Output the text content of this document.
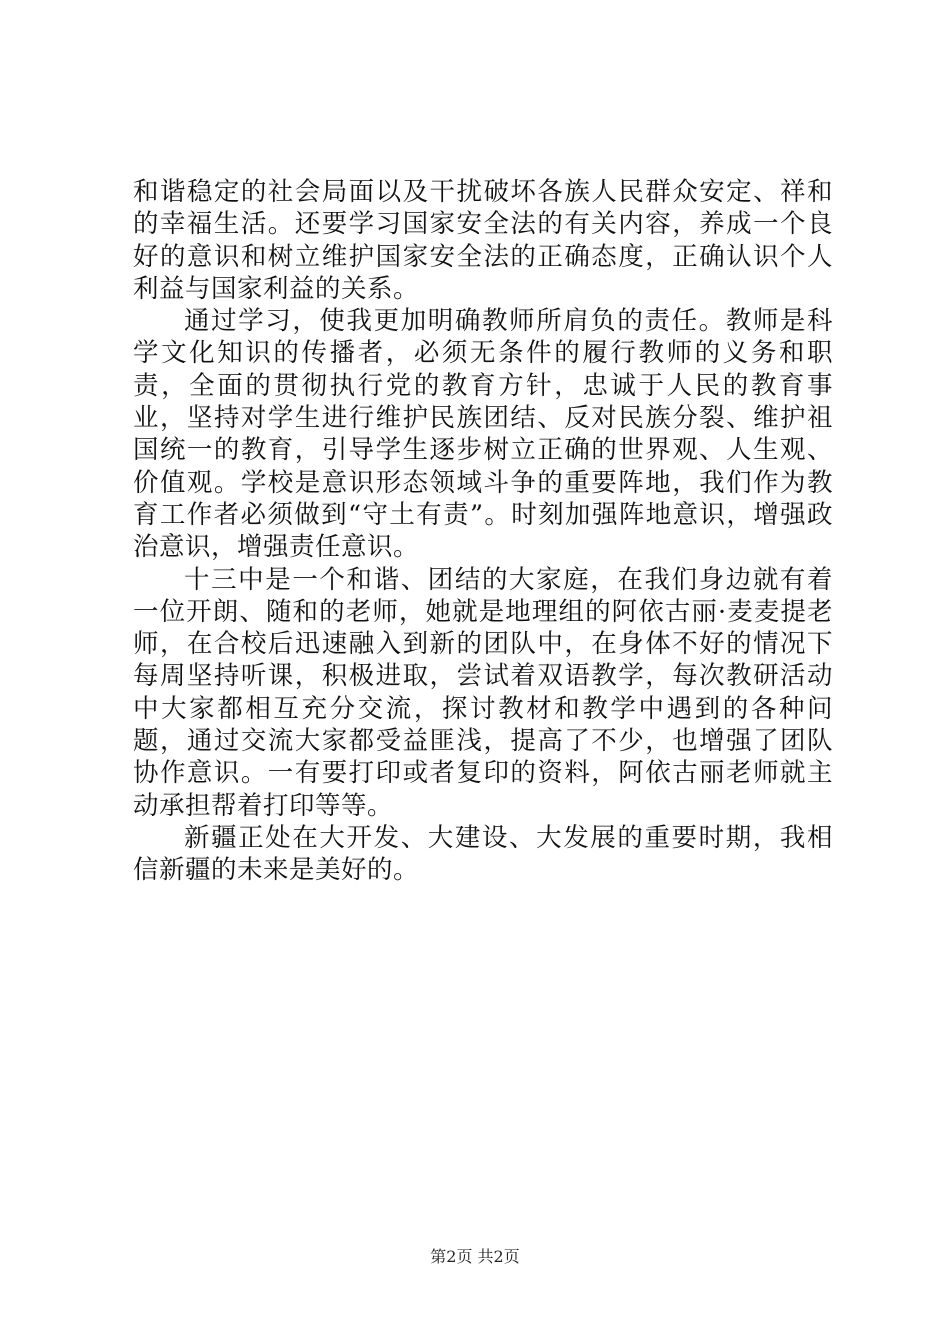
和谐稳定的社会局面以及干扰破坏各族人民群众安定、祥和的幸福生活。还要学习国家安全法的有关内容，养成一个良好的意识和树立维护国家安全法的正确态度，正确认识个人利益与国家利益的关系。

通过学习，使我更加明确教师所肩负的责任。教师是科学文化知识的传播者，必须无条件的履行教师的义务和职责，全面的贯彻执行党的教育方针，忠诚于人民的教育事业，坚持对学生进行维护民族团结、反对民族分裂、维护祖国统一的教育，引导学生逐步树立正确的世界观、人生观、价值观。学校是意识形态领域斗争的重要阵地，我们作为教育工作者必须做到“守土有责”。时刻加强阵地意识，增强政治意识，增强责任意识。

十三中是一个和谐、团结的大家庭，在我们身边就有着一位开朗、随和的老师，她就是地理组的阿依古丽·麦麦提老师，在合校后迅速融入到新的团队中，在身体不好的情况下每周坚持听课，积极进取，尝试着双语教学，每次教研活动中大家都相互充分交流，探讨教材和教学中遇到的各种问题，通过交流大家都受益匪浅，提高了不少，也增强了团队协作意识。一有要打印或者复印的资料，阿依古丽老师就主动承担帮着打印等等。

新疆正处在大开发、大建设、大发展的重要时期，我相信新疆的未来是美好的。

第2页 共2页
